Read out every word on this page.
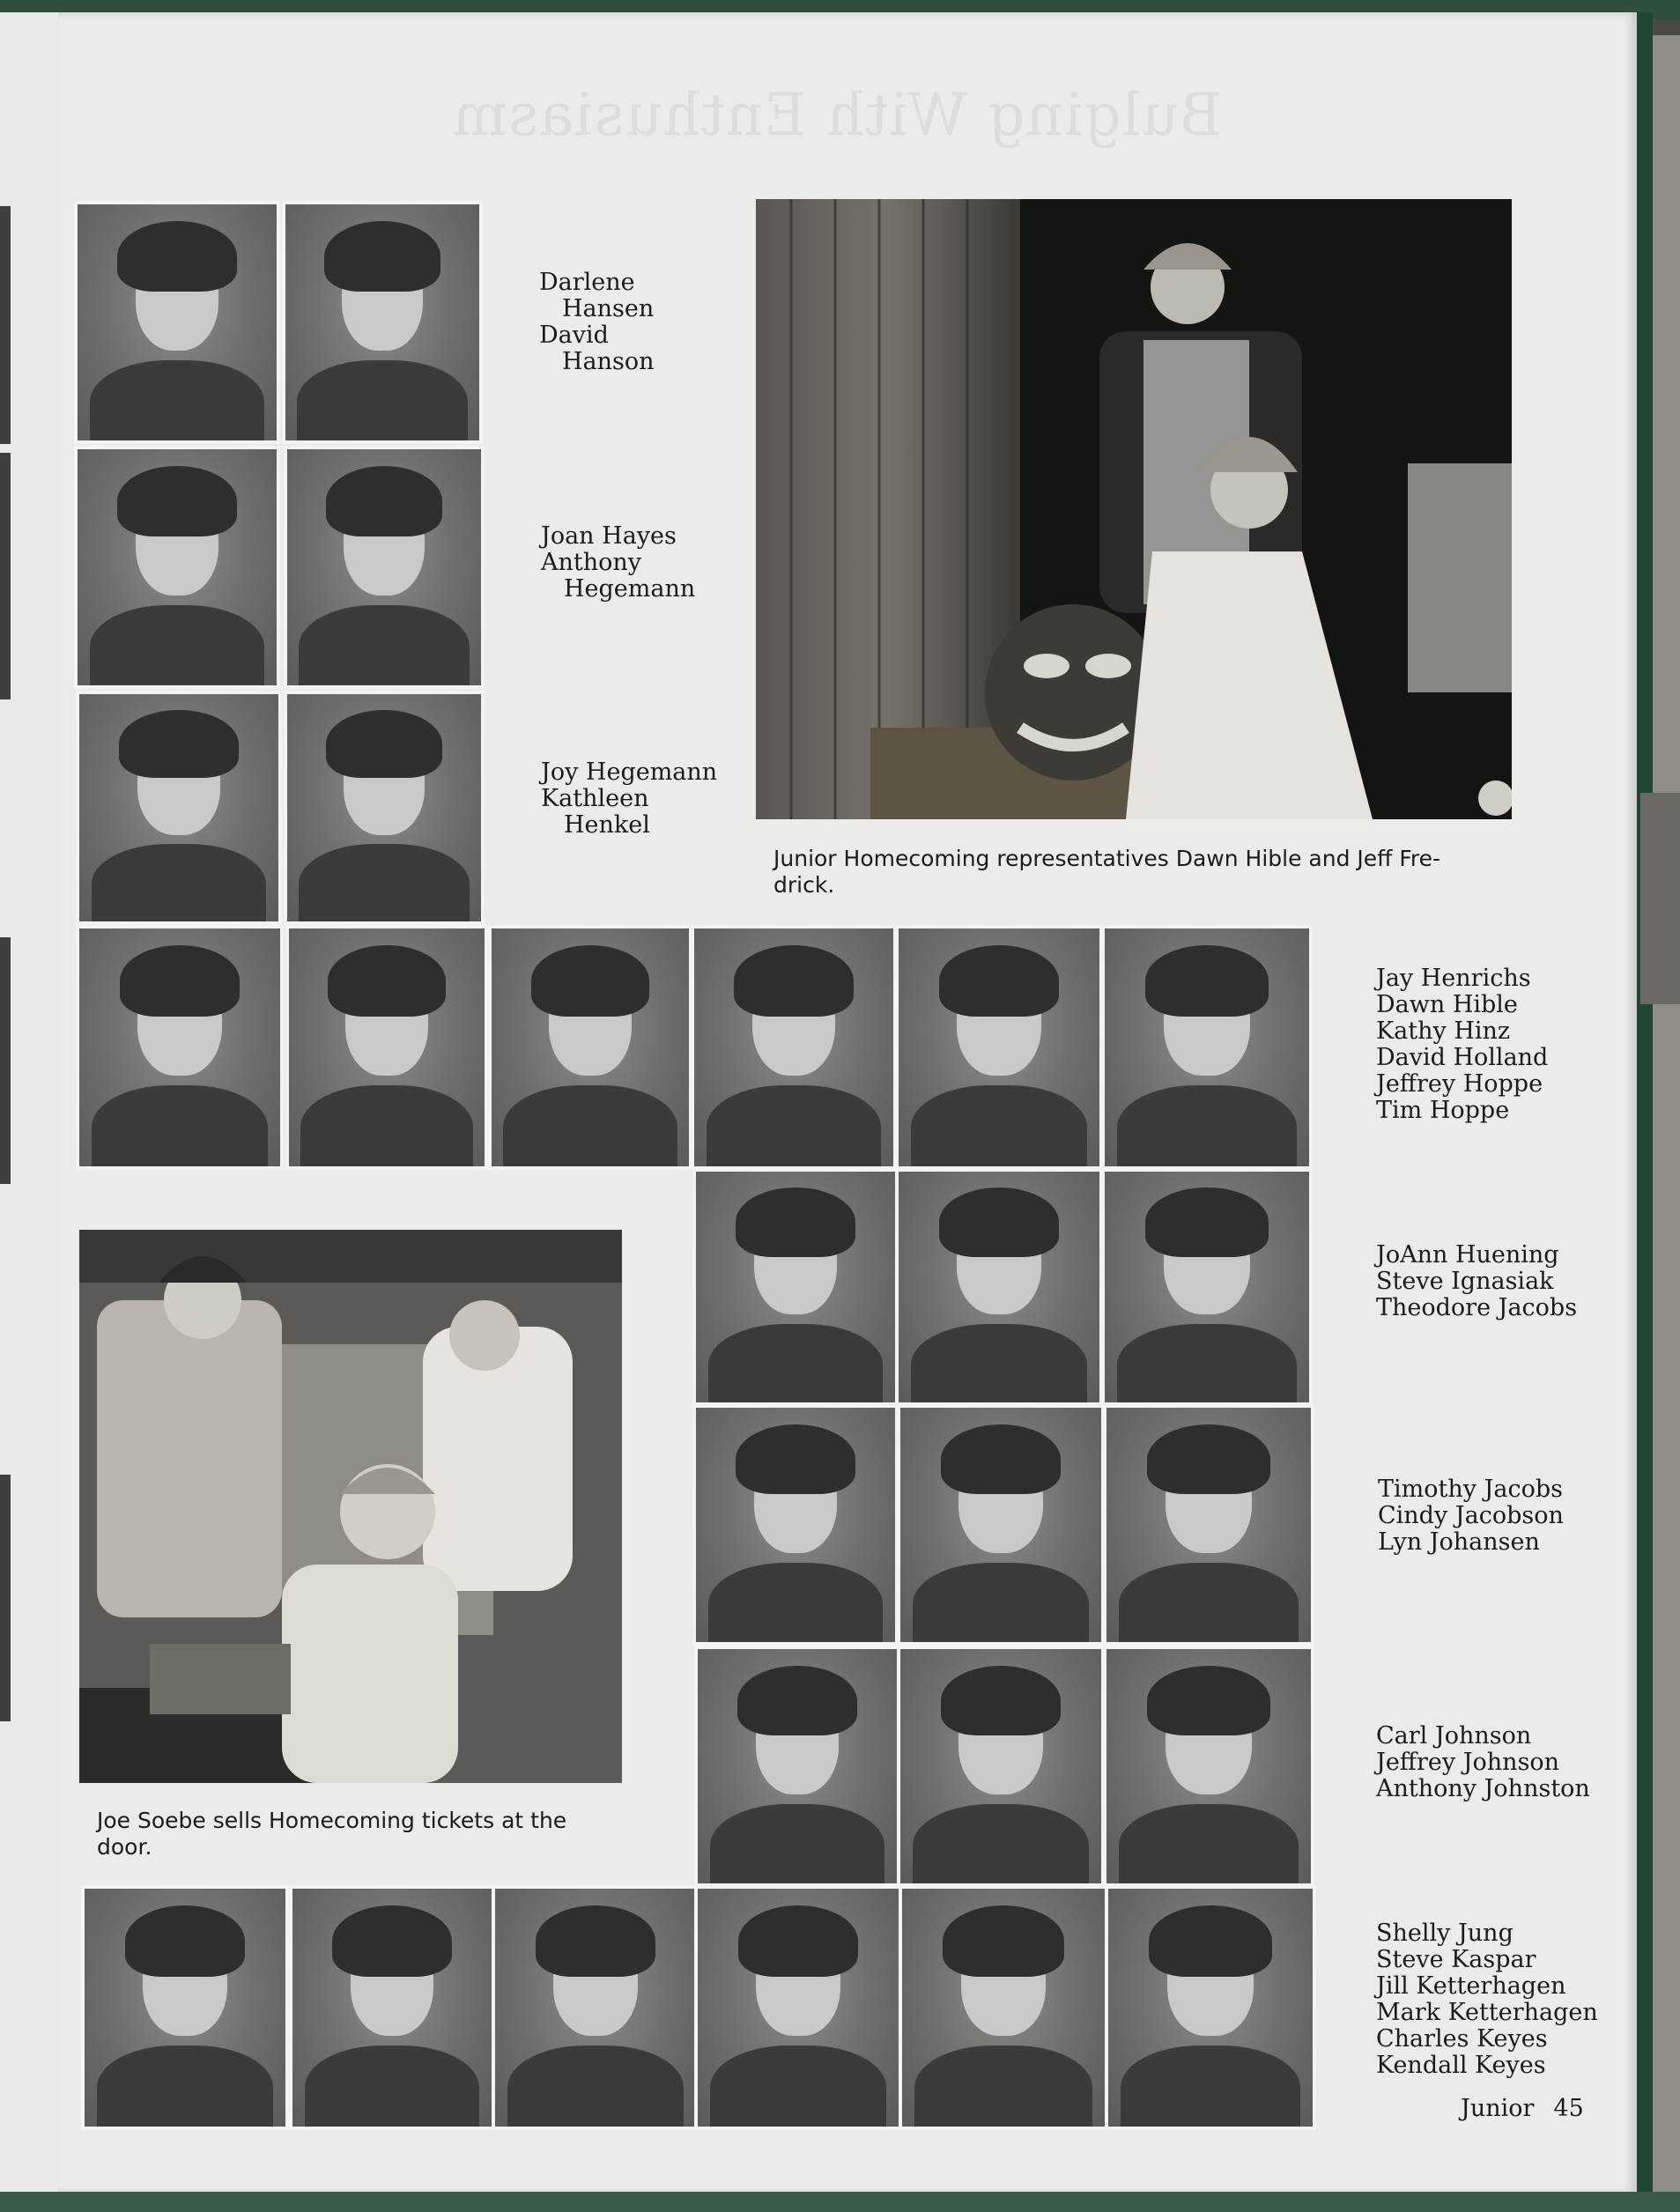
Bulging With Enthusiasm
Darlene
Hansen
David
Hanson
Joan Hayes
Anthony
Hegemann
Joy Hegemann
Kathleen
Henkel
Junior Homecoming representatives Dawn Hible and Jeff Fre-
drick.
Jay Henrichs
Dawn Hible
Kathy Hinz
David Holland
Jeffrey Hoppe
Tim Hoppe
Joe Soebe sells Homecoming tickets at the
door.
JoAnn Huening
Steve Ignasiak
Theodore Jacobs
Timothy Jacobs
Cindy Jacobson
Lyn Johansen
Carl Johnson
Jeffrey Johnson
Anthony Johnston
Shelly Jung
Steve Kaspar
Jill Ketterhagen
Mark Ketterhagen
Charles Keyes
Kendall Keyes
Junior 45
